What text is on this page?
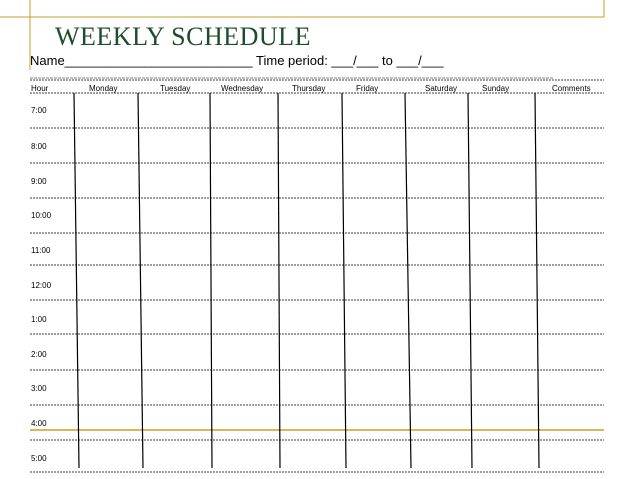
WEEKLY SCHEDULE
Name__________________________ Time period: ___/___ to ___/___
Hour	Monday	Tuesday	Wednesday	Thursday	Friday	Saturday	Sunday	Comments
7:00
8:00
9:00
10:00
11:00
12:00
1:00
2:00
3:00
4:00
5:00
